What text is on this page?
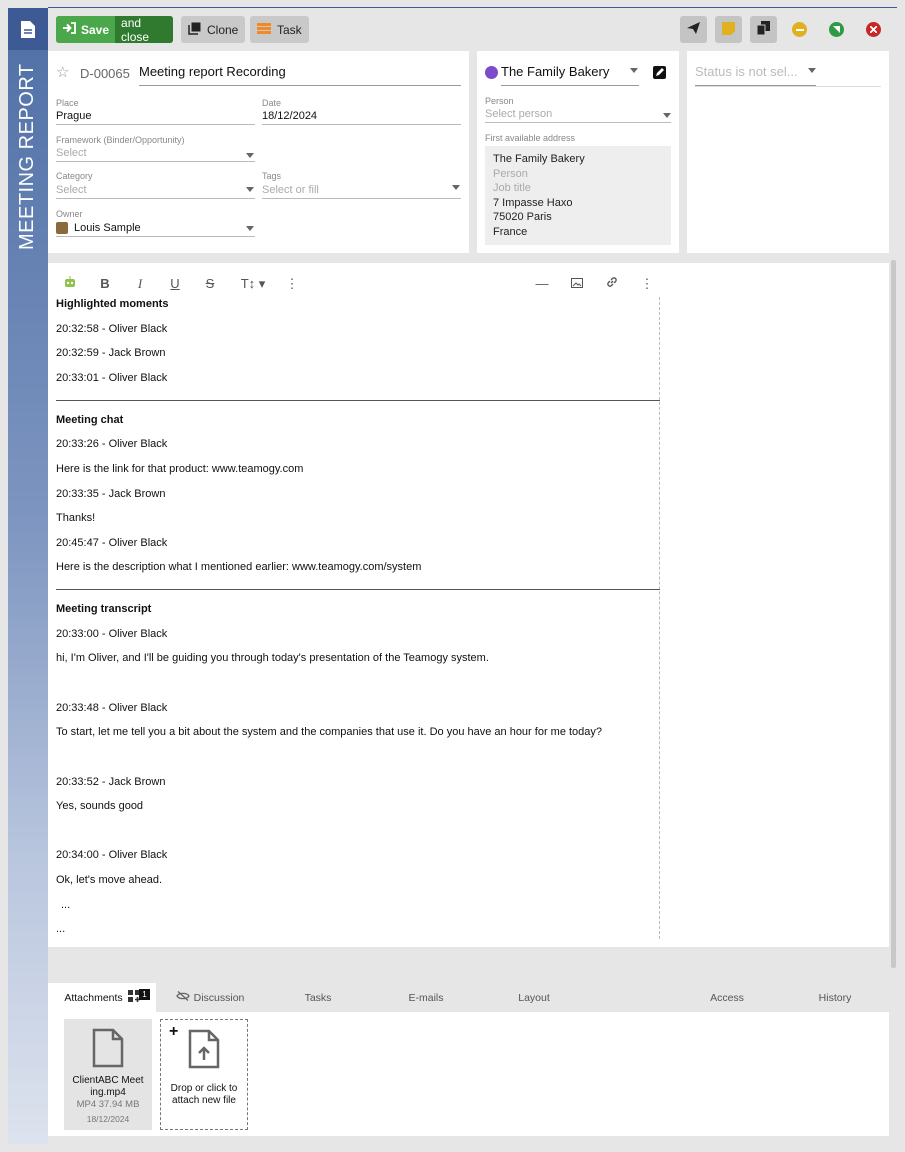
MEETING REPORT
Save and close	Clone	Task
☆ D-00065 Meeting report Recording
Place
Prague
Date
18/12/2024
Framework (Binder/Opportunity)
Select
Category
Select
Tags
Select or fill
Owner
Louis Sample
The Family Bakery
Person
Select person
First available address
The Family Bakery
Person
Job title
7 Impasse Haxo
75020 Paris
France
Status is not sel...
B	I	U S T↕ ▾ ⋮	—	⋮
Highlighted moments
20:32:58 - Oliver Black
20:32:59 - Jack Brown
20:33:01 - Oliver Black
Meeting chat
20:33:26 - Oliver Black
Here is the link for that product: www.teamogy.com
20:33:35 - Jack Brown
Thanks!
20:45:47 - Oliver Black
Here is the description what I mentioned earlier: www.teamogy.com/system
Meeting transcript
20:33:00 - Oliver Black
hi, I'm Oliver, and I'll be guiding you through today's presentation of the Teamogy system.
20:33:48 - Oliver Black
To start, let me tell you a bit about the system and the companies that use it. Do you have an hour for me today?
20:33:52 - Jack Brown
Yes, sounds good
20:34:00 - Oliver Black
Ok, let's move ahead.
...
...
Attachments	1	Discussion	Tasks	E-mails	Layout	Access	History
ClientABC Meet
ing.mp4
MP4 37.94 MB
18/12/2024
+
Drop or click to
attach new file
